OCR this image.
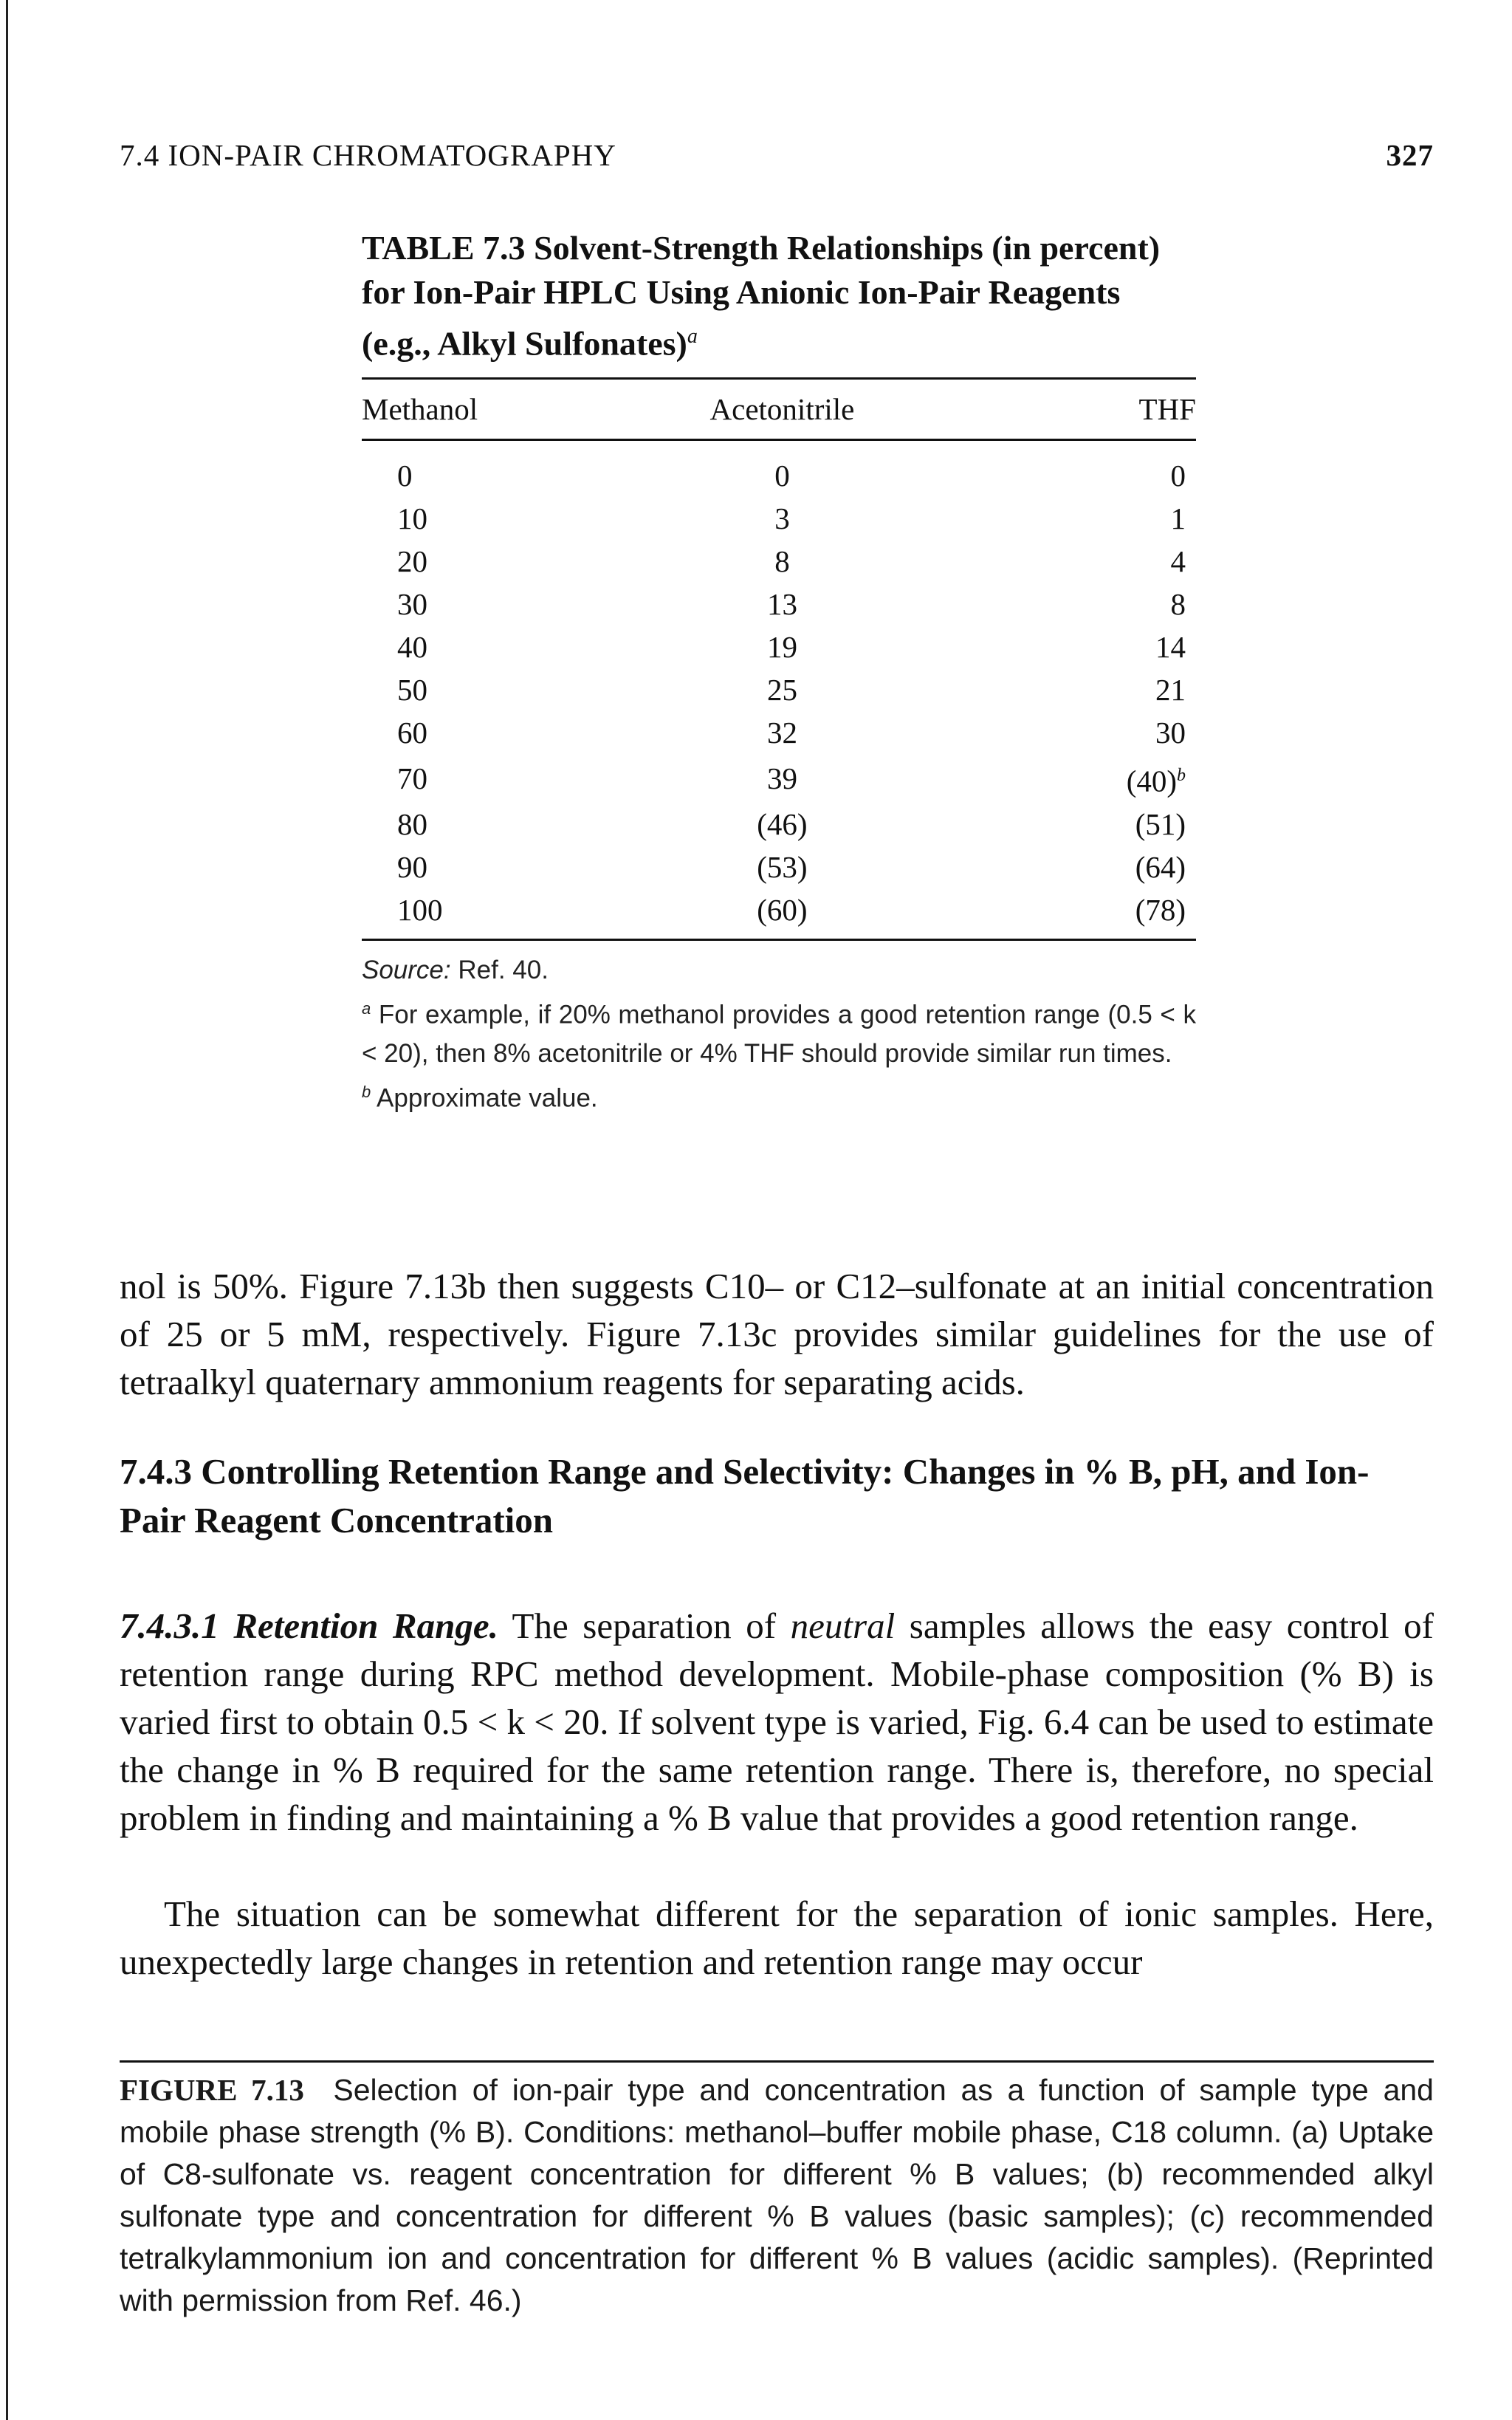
7.4 ION-PAIR CHROMATOGRAPHY	327

TABLE 7.3 Solvent-Strength Relationships (in percent) for Ion-Pair HPLC Using Anionic Ion-Pair Reagents (e.g., Alkyl Sulfonates)$^a$

Methanol	Acetonitrile	THF
0	0	0
10	3	1
20	8	4
30	13	8
40	19	14
50	25	21
60	32	30
70	39	$(40)^b$
80	(46)	(51)
90	(53)	(64)
100	(60)	(78)
Source: Ref. 40.
$^a$ For example, if 20% methanol provides a good retention range (0.5 < k < 20), then 8% acetonitrile or 4% THF should provide similar run times.
$^b$ Approximate value.

nol is 50%. Figure 7.13b then suggests C10– or C12–sulfonate at an initial concentration of 25 or 5 mM, respectively. Figure 7.13c provides similar guidelines for the use of tetraalkyl quaternary ammonium reagents for separating acids.

7.4.3 Controlling Retention Range and Selectivity: Changes in % B, pH, and Ion-Pair Reagent Concentration

7.4.3.1 Retention Range. The separation of neutral samples allows the easy control of retention range during RPC method development. Mobile-phase composition (% B) is varied first to obtain 0.5 < k < 20. If solvent type is varied, Fig. 6.4 can be used to estimate the change in % B required for the same retention range. There is, therefore, no special problem in finding and maintaining a % B value that provides a good retention range.

The situation can be somewhat different for the separation of ionic samples. Here, unexpectedly large changes in retention and retention range may occur

FIGURE 7.13 Selection of ion-pair type and concentration as a function of sample type and mobile phase strength (% B). Conditions: methanol–buffer mobile phase, C18 column. (a) Uptake of C8-sulfonate vs. reagent concentration for different % B values; (b) recommended alkyl sulfonate type and concentration for different % B values (basic samples); (c) recommended tetralkylammonium ion and concentration for different % B values (acidic samples). (Reprinted with permission from Ref. 46.)
